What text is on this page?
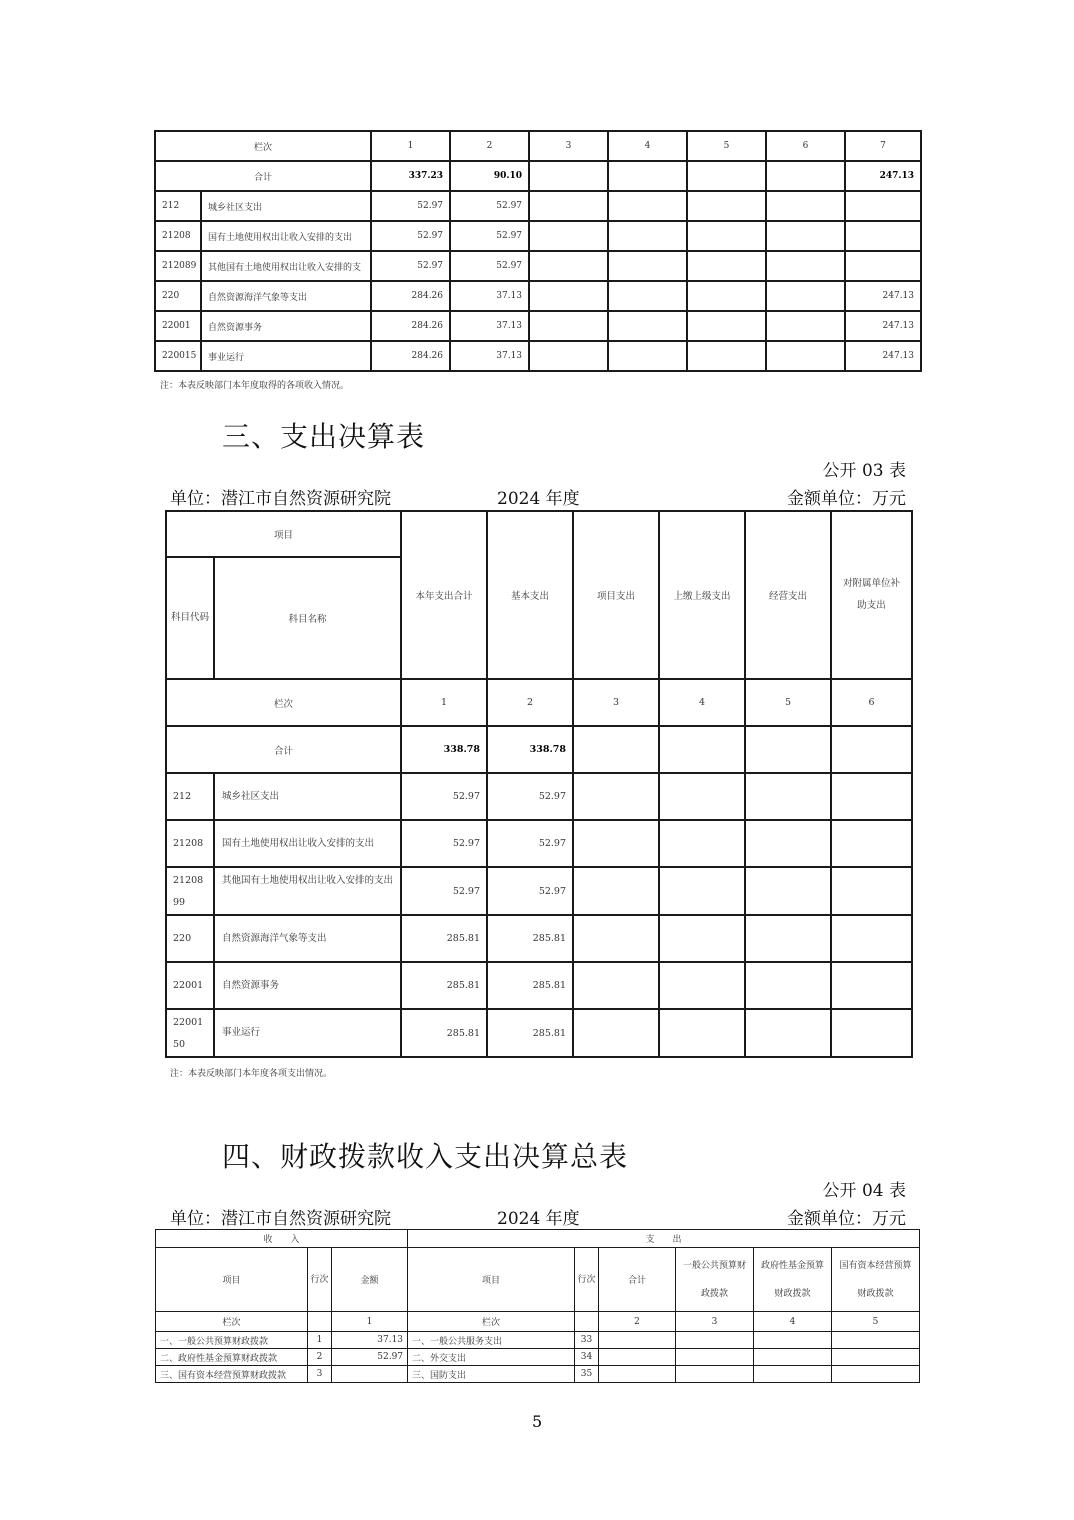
栏次		1	2	3	4	5	6	7
合计		337.23	90.10					247.13
212	城乡社区支出	52.97	52.97					
21208	国有土地使用权出让收入安排的支出	52.97	52.97					
212089	其他国有土地使用权出让收入安排的支	52.97	52.97					
220	自然资源海洋气象等支出	284.26	37.13					247.13
22001	自然资源事务	284.26	37.13					247.13
220015	事业运行	284.26	37.13					247.13
注：本表反映部门本年度取得的各项收入情况。
三、支出决算表
公开 03 表
单位：潜江市自然资源研究院	2024 年度	金额单位：万元
项目		本年支出合计	基本支出	项目支出	上缴上级支出	经营支出	对附属单位补助支出
科目代码	科目名称						
栏次		1	2	3	4	5	6
合计		338.78	338.78				
212	城乡社区支出	52.97	52.97				
21208	国有土地使用权出让收入安排的支出	52.97	52.97				
2120899	其他国有土地使用权出让收入安排的支出	52.97	52.97				
220	自然资源海洋气象等支出	285.81	285.81				
22001	自然资源事务	285.81	285.81				
2200150	事业运行	285.81	285.81				
注：本表反映部门本年度各项支出情况。
四、财政拨款收入支出决算总表
公开 04 表
单位：潜江市自然资源研究院	2024 年度	金额单位：万元
收　　入			支　　出					
项目	行次	金额	项目	行次	合计	一般公共预算财政拨款	政府性基金预算财政拨款	国有资本经营预算财政拨款
栏次		1	栏次		2	3	4	5
一、一般公共预算财政拨款	1	37.13	一、一般公共服务支出	33				
二、政府性基金预算财政拨款	2	52.97	二、外交支出	34				
三、国有资本经营预算财政拨款	3		三、国防支出	35				
5
